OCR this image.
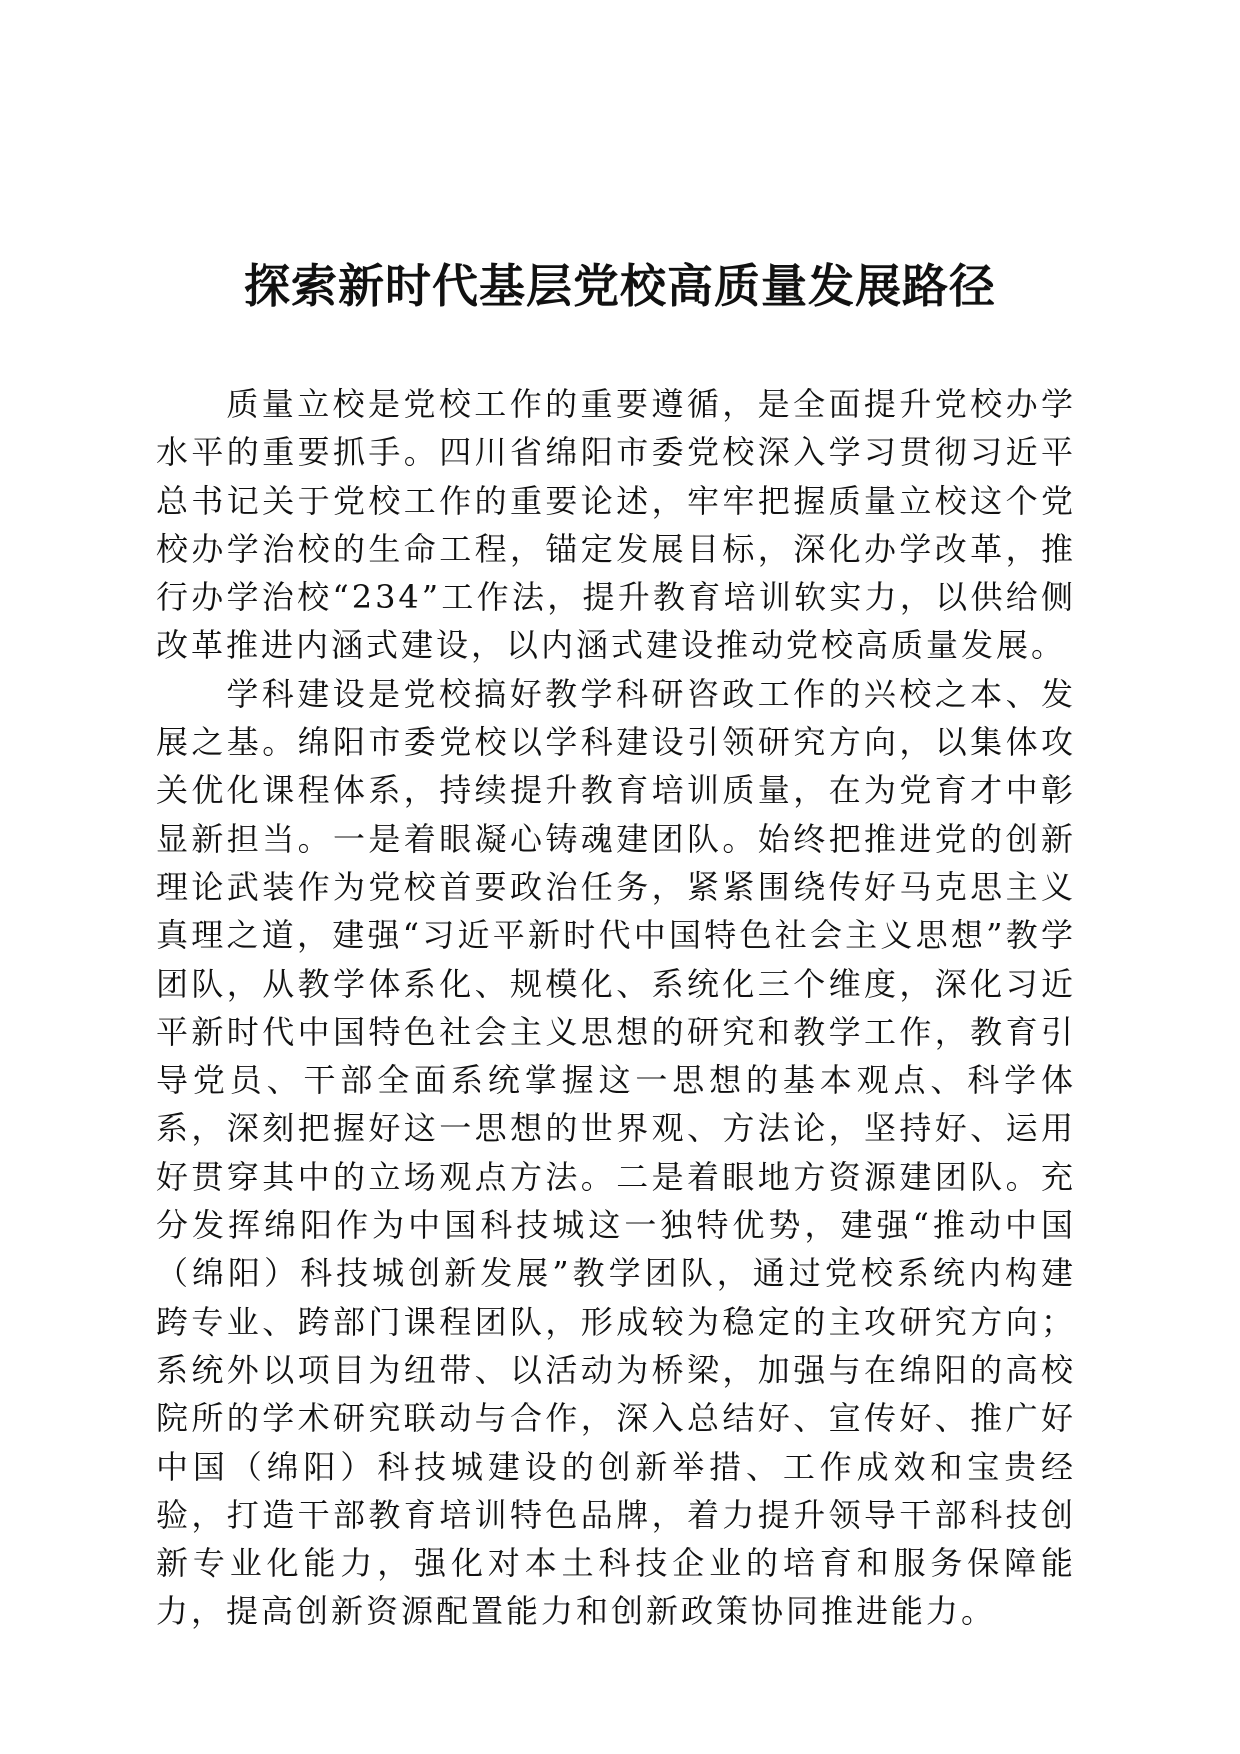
探索新时代基层党校高质量发展路径

质量立校是党校工作的重要遵循，是全面提升党校办学水平的重要抓手。四川省绵阳市委党校深入学习贯彻习近平总书记关于党校工作的重要论述，牢牢把握质量立校这个党校办学治校的生命工程，锚定发展目标，深化办学改革，推行办学治校“234”工作法，提升教育培训软实力，以供给侧改革推进内涵式建设，以内涵式建设推动党校高质量发展。

学科建设是党校搞好教学科研咨政工作的兴校之本、发展之基。绵阳市委党校以学科建设引领研究方向，以集体攻关优化课程体系，持续提升教育培训质量，在为党育才中彰显新担当。一是着眼凝心铸魂建团队。始终把推进党的创新理论武装作为党校首要政治任务，紧紧围绕传好马克思主义真理之道，建强“习近平新时代中国特色社会主义思想”教学团队，从教学体系化、规模化、系统化三个维度，深化习近平新时代中国特色社会主义思想的研究和教学工作，教育引导党员、干部全面系统掌握这一思想的基本观点、科学体系，深刻把握好这一思想的世界观、方法论，坚持好、运用好贯穿其中的立场观点方法。二是着眼地方资源建团队。充分发挥绵阳作为中国科技城这一独特优势，建强“推动中国（绵阳）科技城创新发展”教学团队，通过党校系统内构建跨专业、跨部门课程团队，形成较为稳定的主攻研究方向；系统外以项目为纽带、以活动为桥梁，加强与在绵阳的高校院所的学术研究联动与合作，深入总结好、宣传好、推广好中国（绵阳）科技城建设的创新举措、工作成效和宝贵经验，打造干部教育培训特色品牌，着力提升领导干部科技创新专业化能力，强化对本土科技企业的培育和服务保障能力，提高创新资源配置能力和创新政策协同推进能力。
